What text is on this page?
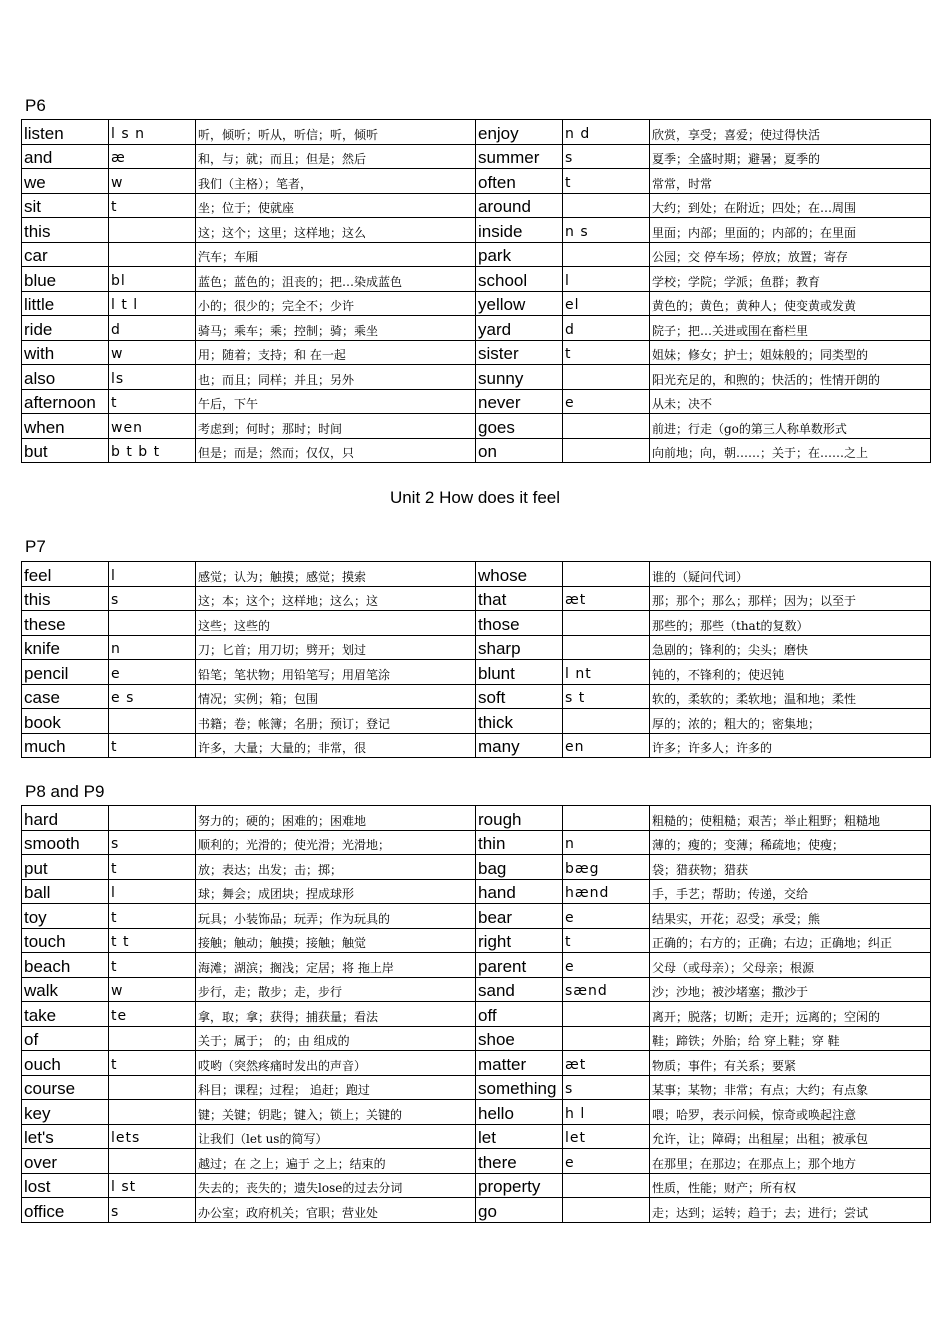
P6
listen	l s n	听，倾听；听从，听信；听，倾听	enjoy	n d	欣赏，享受；喜爱；使过得快活
and	æ	和，与；就；而且；但是；然后	summer	s	夏季；全盛时期；避暑；夏季的
we	w	我们（主格）；笔者，	often	t	常常，时常
sit	t	坐；位于；使就座	around		大约；到处；在附近；四处；在…周围
this		这；这个；这里；这样地；这么	inside	n s	里面；内部；里面的；内部的；在里面
car		汽车；车厢	park		公园；交 停车场；停放；放置；寄存
blue	bl	蓝色；蓝色的；沮丧的；把…染成蓝色	school	l	学校；学院；学派；鱼群；教育
little	l t l	小的；很少的；完全不；少许	yellow	el	黄色的；黄色；黄种人；使变黄或发黄
ride	d	骑马；乘车；乘；控制；骑；乘坐	yard	d	院子；把…关进或围在畜栏里
with	w	用；随着；支持；和 在一起	sister	t	姐妹；修女；护士；姐妹般的；同类型的
also	ls	也；而且；同样；并且；另外	sunny		阳光充足的，和煦的；快活的；性情开朗的
afternoon	t	午后，下午	never	e	从未；决不
when	wen	考虑到；何时；那时；时间	goes		前进；行走（go的第三人称单数形式
but	b t b t	但是；而是；然而；仅仅，只	on		向前地；向，朝……；关于；在……之上
Unit 2 How does it feel
P7
feel	l	感觉；认为；触摸；感觉；摸索	whose		谁的（疑问代词）
this	s	这；本；这个；这样地；这么；这	that	æt	那；那个；那么；那样；因为；以至于
these		这些；这些的	those		那些的；那些（that的复数）
knife	n	刀；匕首；用刀切；劈开；划过	sharp		急剧的；锋利的；尖头；磨快
pencil	e	铅笔；笔状物；用铅笔写；用眉笔涂	blunt	l nt	钝的，不锋利的；使迟钝
case	e s	情况；实例；箱；包围	soft	s t	软的，柔软的；柔软地；温和地；柔性
book		书籍；卷；帐簿；名册；预订；登记	thick		厚的；浓的；粗大的；密集地；
much	t	许多，大量；大量的；非常，很	many	en	许多；许多人；许多的
P8 and P9
hard		努力的；硬的；困难的；困难地	rough		粗糙的；使粗糙；艰苦；举止粗野；粗糙地
smooth	s	顺利的；光滑的；使光滑；光滑地；	thin	n	薄的；瘦的；变薄；稀疏地；使瘦；
put	t	放；表达；出发；击；掷；	bag	bæg	袋；猎获物；猎获
ball	l	球；舞会；成团块；捏成球形	hand	hænd	手，手艺；帮助；传递，交给
toy	t	玩具；小装饰品；玩弄；作为玩具的	bear	e	结果实，开花；忍受；承受；熊
touch	t t	接触；触动；触摸；接触；触觉	right	t	正确的；右方的；正确；右边；正确地；纠正
beach	t	海滩；湖滨；搁浅；定居；将 拖上岸	parent	e	父母（或母亲）；父母亲；根源
walk	w	步行，走；散步；走，步行	sand	sænd	沙；沙地；被沙堵塞；撒沙于
take	te	拿，取；拿；获得；捕获量；看法	off		离开；脱落；切断；走开；远离的；空闲的
of		关于；属于； 的；由 组成的	shoe		鞋；蹄铁；外胎；给 穿上鞋；穿 鞋
ouch	t	哎哟（突然疼痛时发出的声音）	matter	æt	物质；事件；有关系；要紧
course		科目；课程；过程； 追赶；跑过	something	s	某事；某物；非常；有点；大约；有点象
key		键；关键；钥匙；键入；锁上；关键的	hello	h l	喂；哈罗，表示问候，惊奇或唤起注意
let's	lets	让我们（let us的简写）	let	let	允许，让；障碍；出租屋；出租；被承包
over		越过；在 之上；遍于 之上；结束的	there	e	在那里；在那边；在那点上；那个地方
lost	l st	失去的；丧失的；遗失lose的过去分词	property		性质，性能；财产；所有权
office	s	办公室；政府机关；官职；营业处	go		走；达到；运转；趋于；去；进行；尝试
